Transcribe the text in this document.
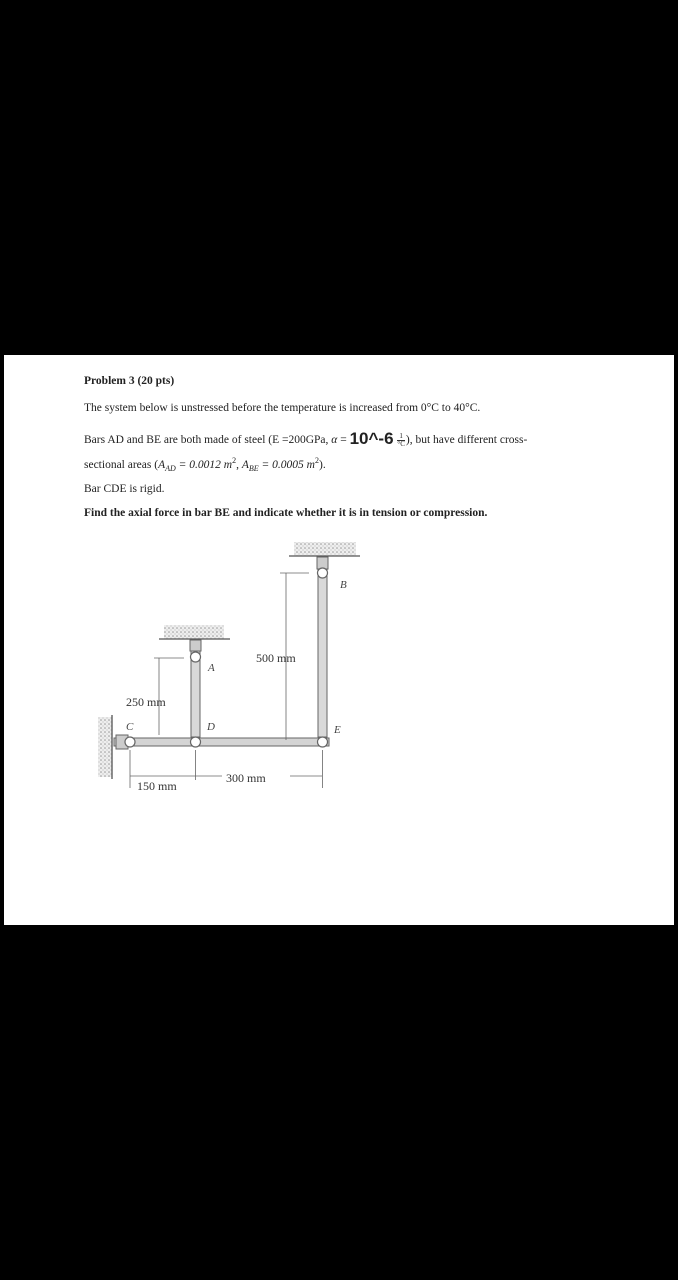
Problem 3 (20 pts)
The system below is unstressed before the temperature is increased from 0°C to 40°C.
Bars AD and BE are both made of steel (E =200GPa, α = 10^-6 $\frac{1}{^\circ C}$ ), but have different cross-
sectional areas ($A_{AD} = 0.0012$ $m^2$, $A_{BE} = 0.0005$ $m^2$).
Bar CDE is rigid.
Find the axial force in bar BE and indicate whether it is in tension or compression.
B
A
C	D	E
500 mm
250 mm
150 mm
300 mm
